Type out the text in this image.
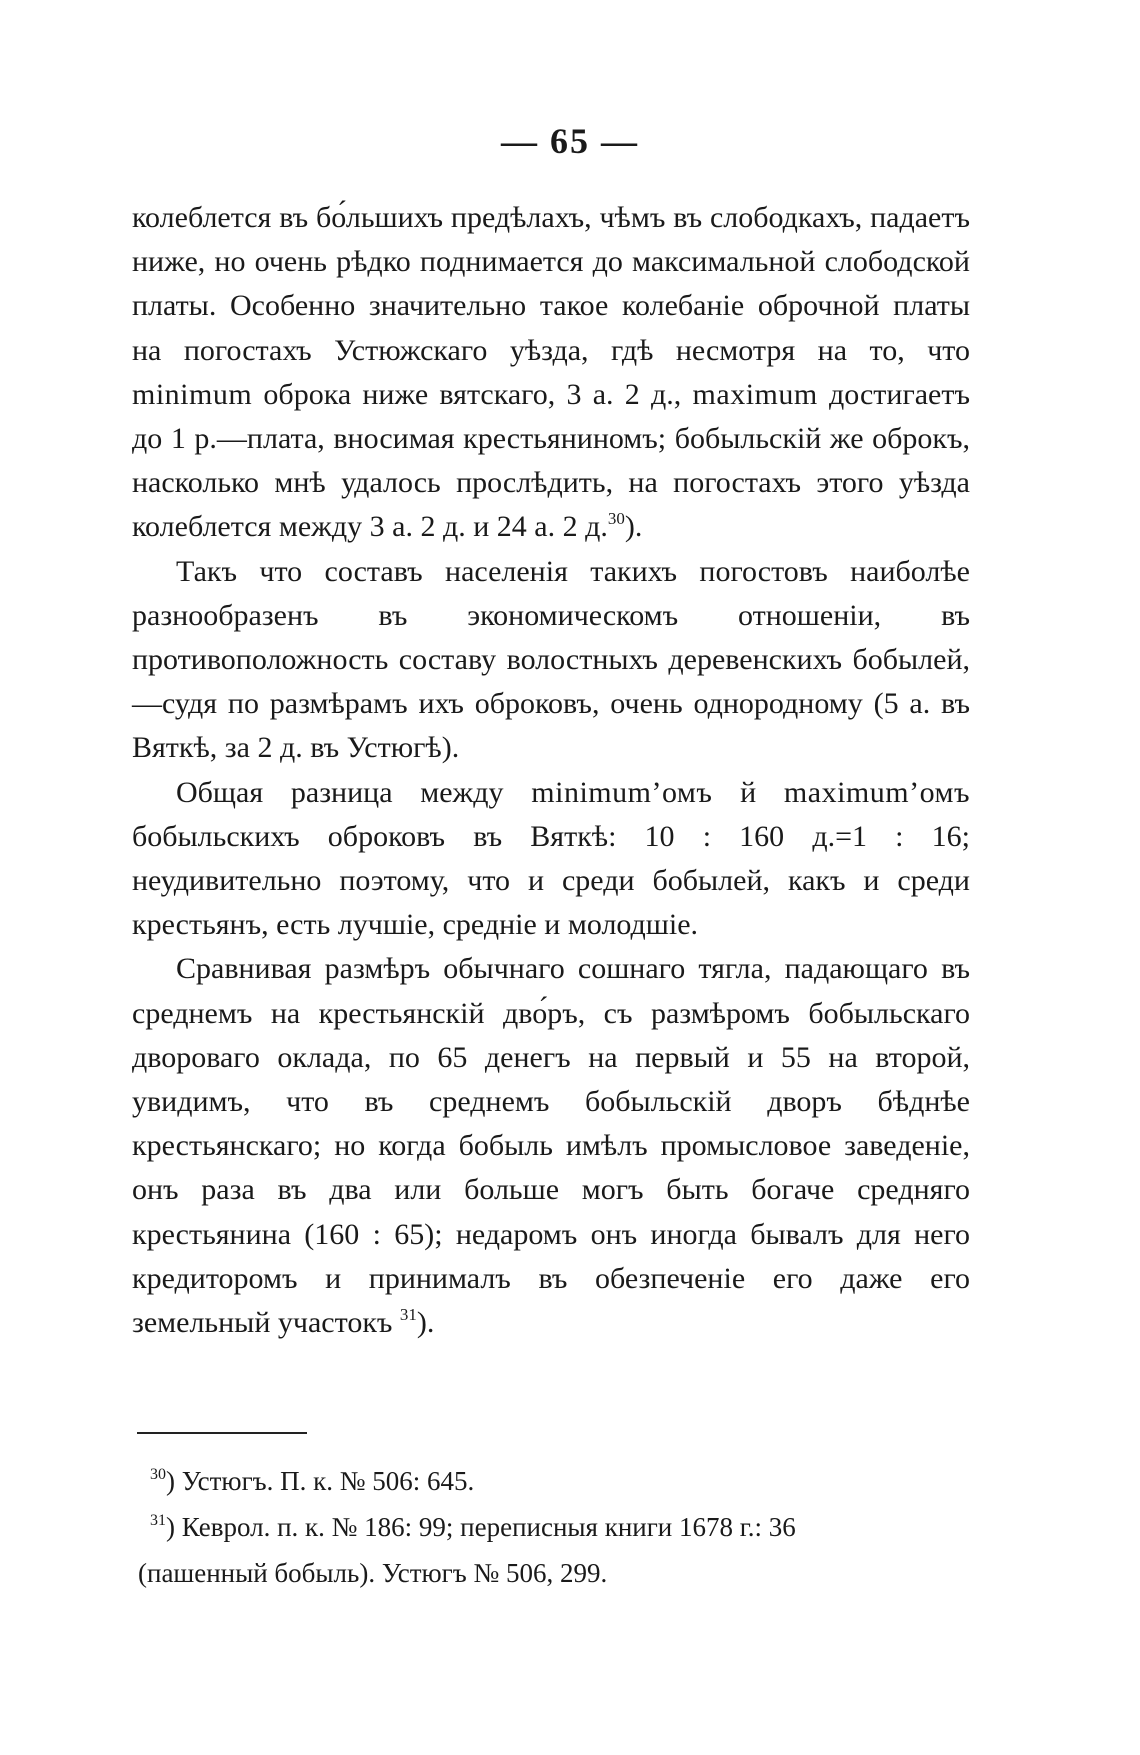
— 65 —

колеблется въ бо́льшихъ предѣлахъ, чѣмъ въ слободкахъ, падаетъ ниже, но очень рѣдко поднимается до максимальной слободской платы. Особенно значительно такое колебаніе оброчной платы на погостахъ Устюжскаго уѣзда, гдѣ несмотря на то, что minimum оброка ниже вятскаго, 3 а. 2 д., maximum достигаетъ до 1 р.—плата, вносимая крестьяниномъ; бобыльскій же оброкъ, насколько мнѣ удалось прослѣдить, на погостахъ этого уѣзда колеблется между 3 а. 2 д. и 24 а. 2 д.$^{30}$).

Такъ что составъ населенія такихъ погостовъ наиболѣе разнообразенъ въ экономическомъ отношеніи, въ противоположность составу волостныхъ деревенскихъ бобылей,—судя по размѣрамъ ихъ оброковъ, очень однородному (5 а. въ Вяткѣ, за 2 д. въ Устюгѣ).

Общая разница между minimum’омъ й maximum’омъ бобыльскихъ оброковъ въ Вяткѣ: 10 : 160 д.=1 : 16; неудивительно поэтому, что и среди бобылей, какъ и среди крестьянъ, есть лучшіе, средніе и молодшіе.

Сравнивая размѣръ обычнаго сошнаго тягла, падающаго въ среднемъ на крестьянскій дво́ръ, съ размѣромъ бобыльскаго двороваго оклада, по 65 денегъ на первый и 55 на второй, увидимъ, что въ среднемъ бобыльскій дворъ бѣднѣе крестьянскаго; но когда бобыль имѣлъ промысловое заведеніе, онъ раза въ два или больше могъ быть богаче средняго крестьянина (160 : 65); недаромъ онъ иногда бывалъ для него кредиторомъ и принималъ въ обезпеченіе его даже его земельный участокъ $^{31}$).

$^{30}$) Устюгъ. П. к. № 506: 645.

$^{31}$) Кеврол. п. к. № 186: 99; переписныя книги 1678 г.: 36

(пашенный бобыль). Устюгъ № 506, 299.
